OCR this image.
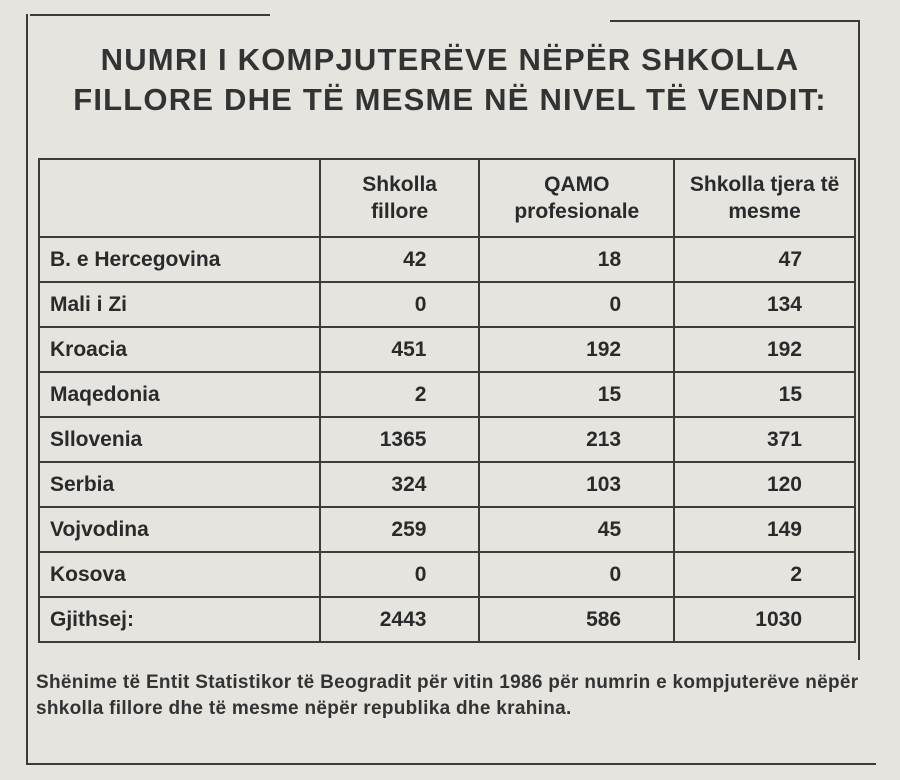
NUMRI I KOMPJUTERËVE NËPËR SHKOLLA
FILLORE DHE TË MESME NË NIVEL TË VENDIT:
	Shkolla fillore	QAMO profesionale	Shkolla tjera të mesme
B. e Hercegovina	42	18	47
Mali i Zi	0	0	134
Kroacia	451	192	192
Maqedonia	2	15	15
Sllovenia	1365	213	371
Serbia	324	103	120
Vojvodina	259	45	149
Kosova	0	0	2
Gjithsej:	2443	586	1030
Shënime të Entit Statistikor të Beogradit për vitin 1986 për numrin e kompjuterëve nëpër shkolla fillore dhe të mesme nëpër republika dhe krahina.
